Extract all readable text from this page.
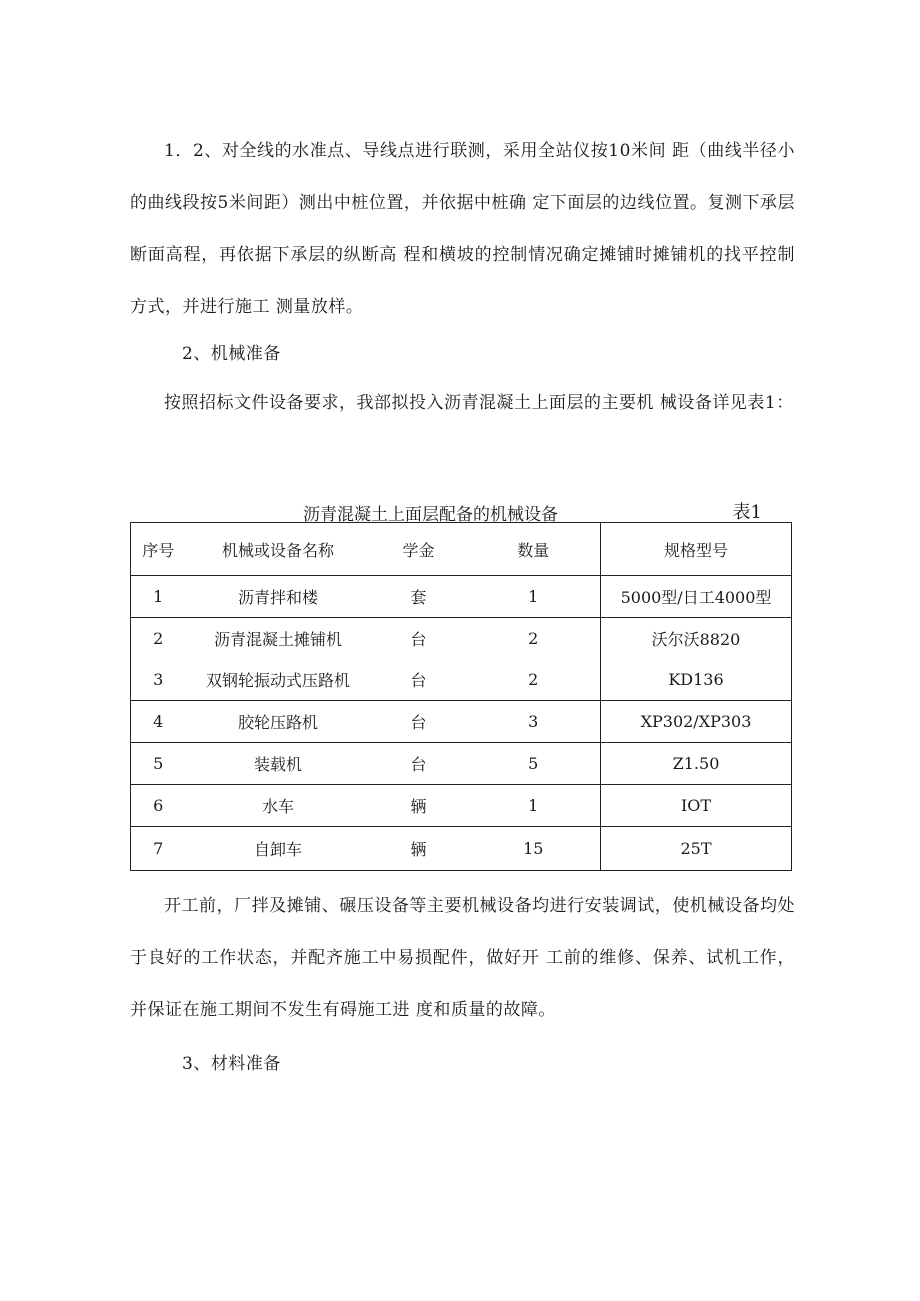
1．2、对全线的水准点、导线点进行联测，采用全站仪按10米间 距（曲线半径小的曲线段按5米间距）测出中桩位置，并依据中桩确 定下面层的边线位置。复测下承层断面高程，再依据下承层的纵断高 程和横坡的控制情况确定摊铺时摊铺机的找平控制方式，并进行施工 测量放样。

2、机械准备

按照招标文件设备要求，我部拟投入沥青混凝土上面层的主要机 械设备详见表1：

沥青混凝土上面层配备的机械设备	表1
序号	机械或设备名称	学金	数量	规格型号
1	沥青拌和楼	套	1	5000型/日工4000型
2	沥青混凝土摊铺机	台	2	沃尔沃8820
3	双钢轮振动式压路机	台	2	KD136
4	胶轮压路机	台	3	XP302/XP303
5	装载机	台	5	Z1.50
6	水车	辆	1	IOT
7	自卸车	辆	15	25T

开工前，厂拌及摊铺、碾压设备等主要机械设备均进行安装调试，使机械设备均处于良好的工作状态，并配齐施工中易损配件，做好开 工前的维修、保养、试机工作，并保证在施工期间不发生有碍施工进 度和质量的故障。

3、材料准备
